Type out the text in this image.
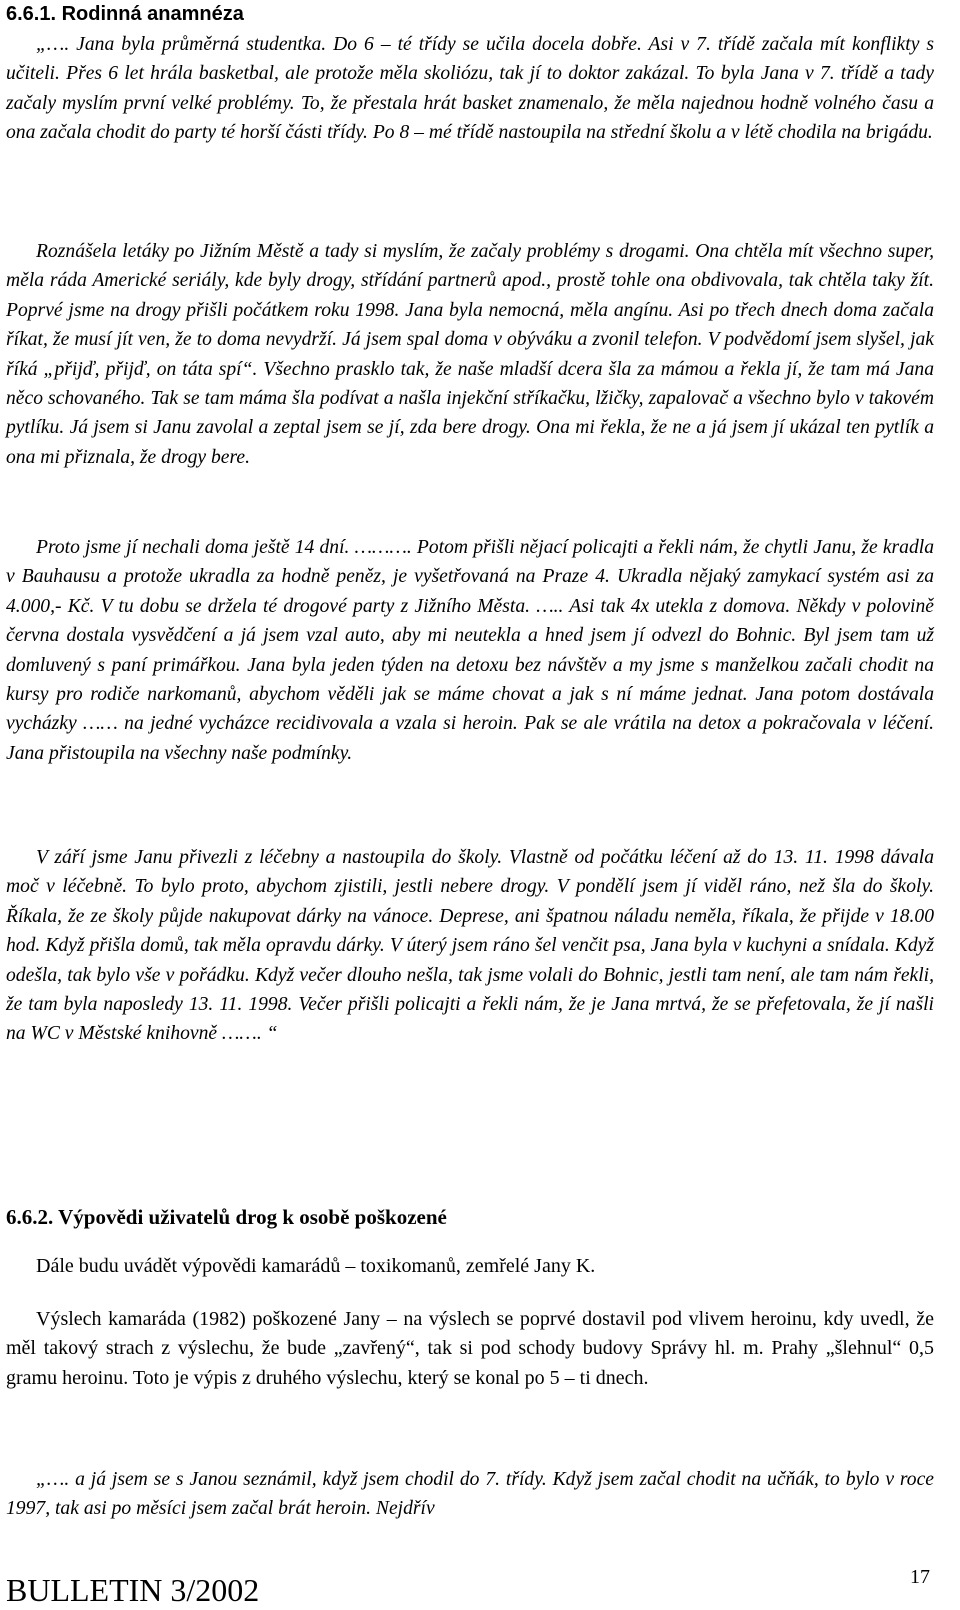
6.6.1. Rodinná anamnéza

„…. Jana byla průměrná studentka. Do 6 – té třídy se učila docela dobře. Asi v 7. třídě začala mít konflikty s učiteli. Přes 6 let hrála basketbal, ale protože měla skoliózu, tak jí to doktor zakázal. To byla Jana v 7. třídě a tady začaly myslím první velké problémy. To, že přestala hrát basket znamenalo, že měla najednou hodně volného času a ona začala chodit do party té horší části třídy. Po 8 – mé třídě nastoupila na střední školu a v létě chodila na brigádu.

Roznášela letáky po Jižním Městě a tady si myslím, že začaly problémy s drogami. Ona chtěla mít všechno super, měla ráda Americké seriály, kde byly drogy, střídání partnerů apod., prostě tohle ona obdivovala, tak chtěla taky žít. Poprvé jsme na drogy přišli počátkem roku 1998. Jana byla nemocná, měla angínu. Asi po třech dnech doma začala říkat, že musí jít ven, že to doma nevydrží. Já jsem spal doma v obýváku a zvonil telefon. V podvědomí jsem slyšel, jak říká „přijď, přijď, on táta spí“. Všechno prasklo tak, že naše mladší dcera šla za mámou a řekla jí, že tam má Jana něco schovaného. Tak se tam máma šla podívat a našla injekční stříkačku, lžičky, zapalovač a všechno bylo v takovém pytlíku. Já jsem si Janu zavolal a zeptal jsem se jí, zda bere drogy. Ona mi řekla, že ne a já jsem jí ukázal ten pytlík a ona mi přiznala, že drogy bere.

Proto jsme jí nechali doma ještě 14 dní. ………. Potom přišli nějací policajti a řekli nám, že chytli Janu, že kradla v Bauhausu a protože ukradla za hodně peněz, je vyšetřovaná na Praze 4. Ukradla nějaký zamykací systém asi za 4.000,- Kč. V tu dobu se držela té drogové party z Jižního Města. ….. Asi tak 4x utekla z domova. Někdy v polovině června dostala vysvědčení a já jsem vzal auto, aby mi neutekla a hned jsem jí odvezl do Bohnic. Byl jsem tam už domluvený s paní primářkou. Jana byla jeden týden na detoxu bez návštěv a my jsme s manželkou začali chodit na kursy pro rodiče narkomanů, abychom věděli jak se máme chovat a jak s ní máme jednat. Jana potom dostávala vycházky …… na jedné vycházce recidivovala a vzala si heroin. Pak se ale vrátila na detox a pokračovala v léčení. Jana přistoupila na všechny naše podmínky.

V září jsme Janu přivezli z léčebny a nastoupila do školy. Vlastně od počátku léčení až do 13. 11. 1998 dávala moč v léčebně. To bylo proto, abychom zjistili, jestli nebere drogy. V pondělí jsem jí viděl ráno, než šla do školy. Říkala, že ze školy půjde nakupovat dárky na vánoce. Deprese, ani špatnou náladu neměla, říkala, že přijde v 18.00 hod. Když přišla domů, tak měla opravdu dárky. V úterý jsem ráno šel venčit psa, Jana byla v kuchyni a snídala. Když odešla, tak bylo vše v pořádku. Když večer dlouho nešla, tak jsme volali do Bohnic, jestli tam není, ale tam nám řekli, že tam byla naposledy 13. 11. 1998. Večer přišli policajti a řekli nám, že je Jana mrtvá, že se přefetovala, že jí našli na WC v Městské knihovně ……. “

6.6.2. Výpovědi uživatelů drog k osobě poškozené

Dále budu uvádět výpovědi kamarádů – toxikomanů, zemřelé Jany K.

Výslech kamaráda (1982) poškozené Jany – na výslech se poprvé dostavil pod vlivem heroinu, kdy uvedl, že měl takový strach z výslechu, že bude „zavřený“, tak si pod schody budovy Správy hl. m. Prahy „šlehnul“ 0,5 gramu heroinu. Toto je výpis z druhého výslechu, který se konal po 5 – ti dnech.

„…. a já jsem se s Janou seznámil, když jsem chodil do 7. třídy. Když jsem začal chodit na učňák, to bylo v roce 1997, tak asi po měsíci jsem začal brát heroin. Nejdřív

BULLETIN 3/2002	17
